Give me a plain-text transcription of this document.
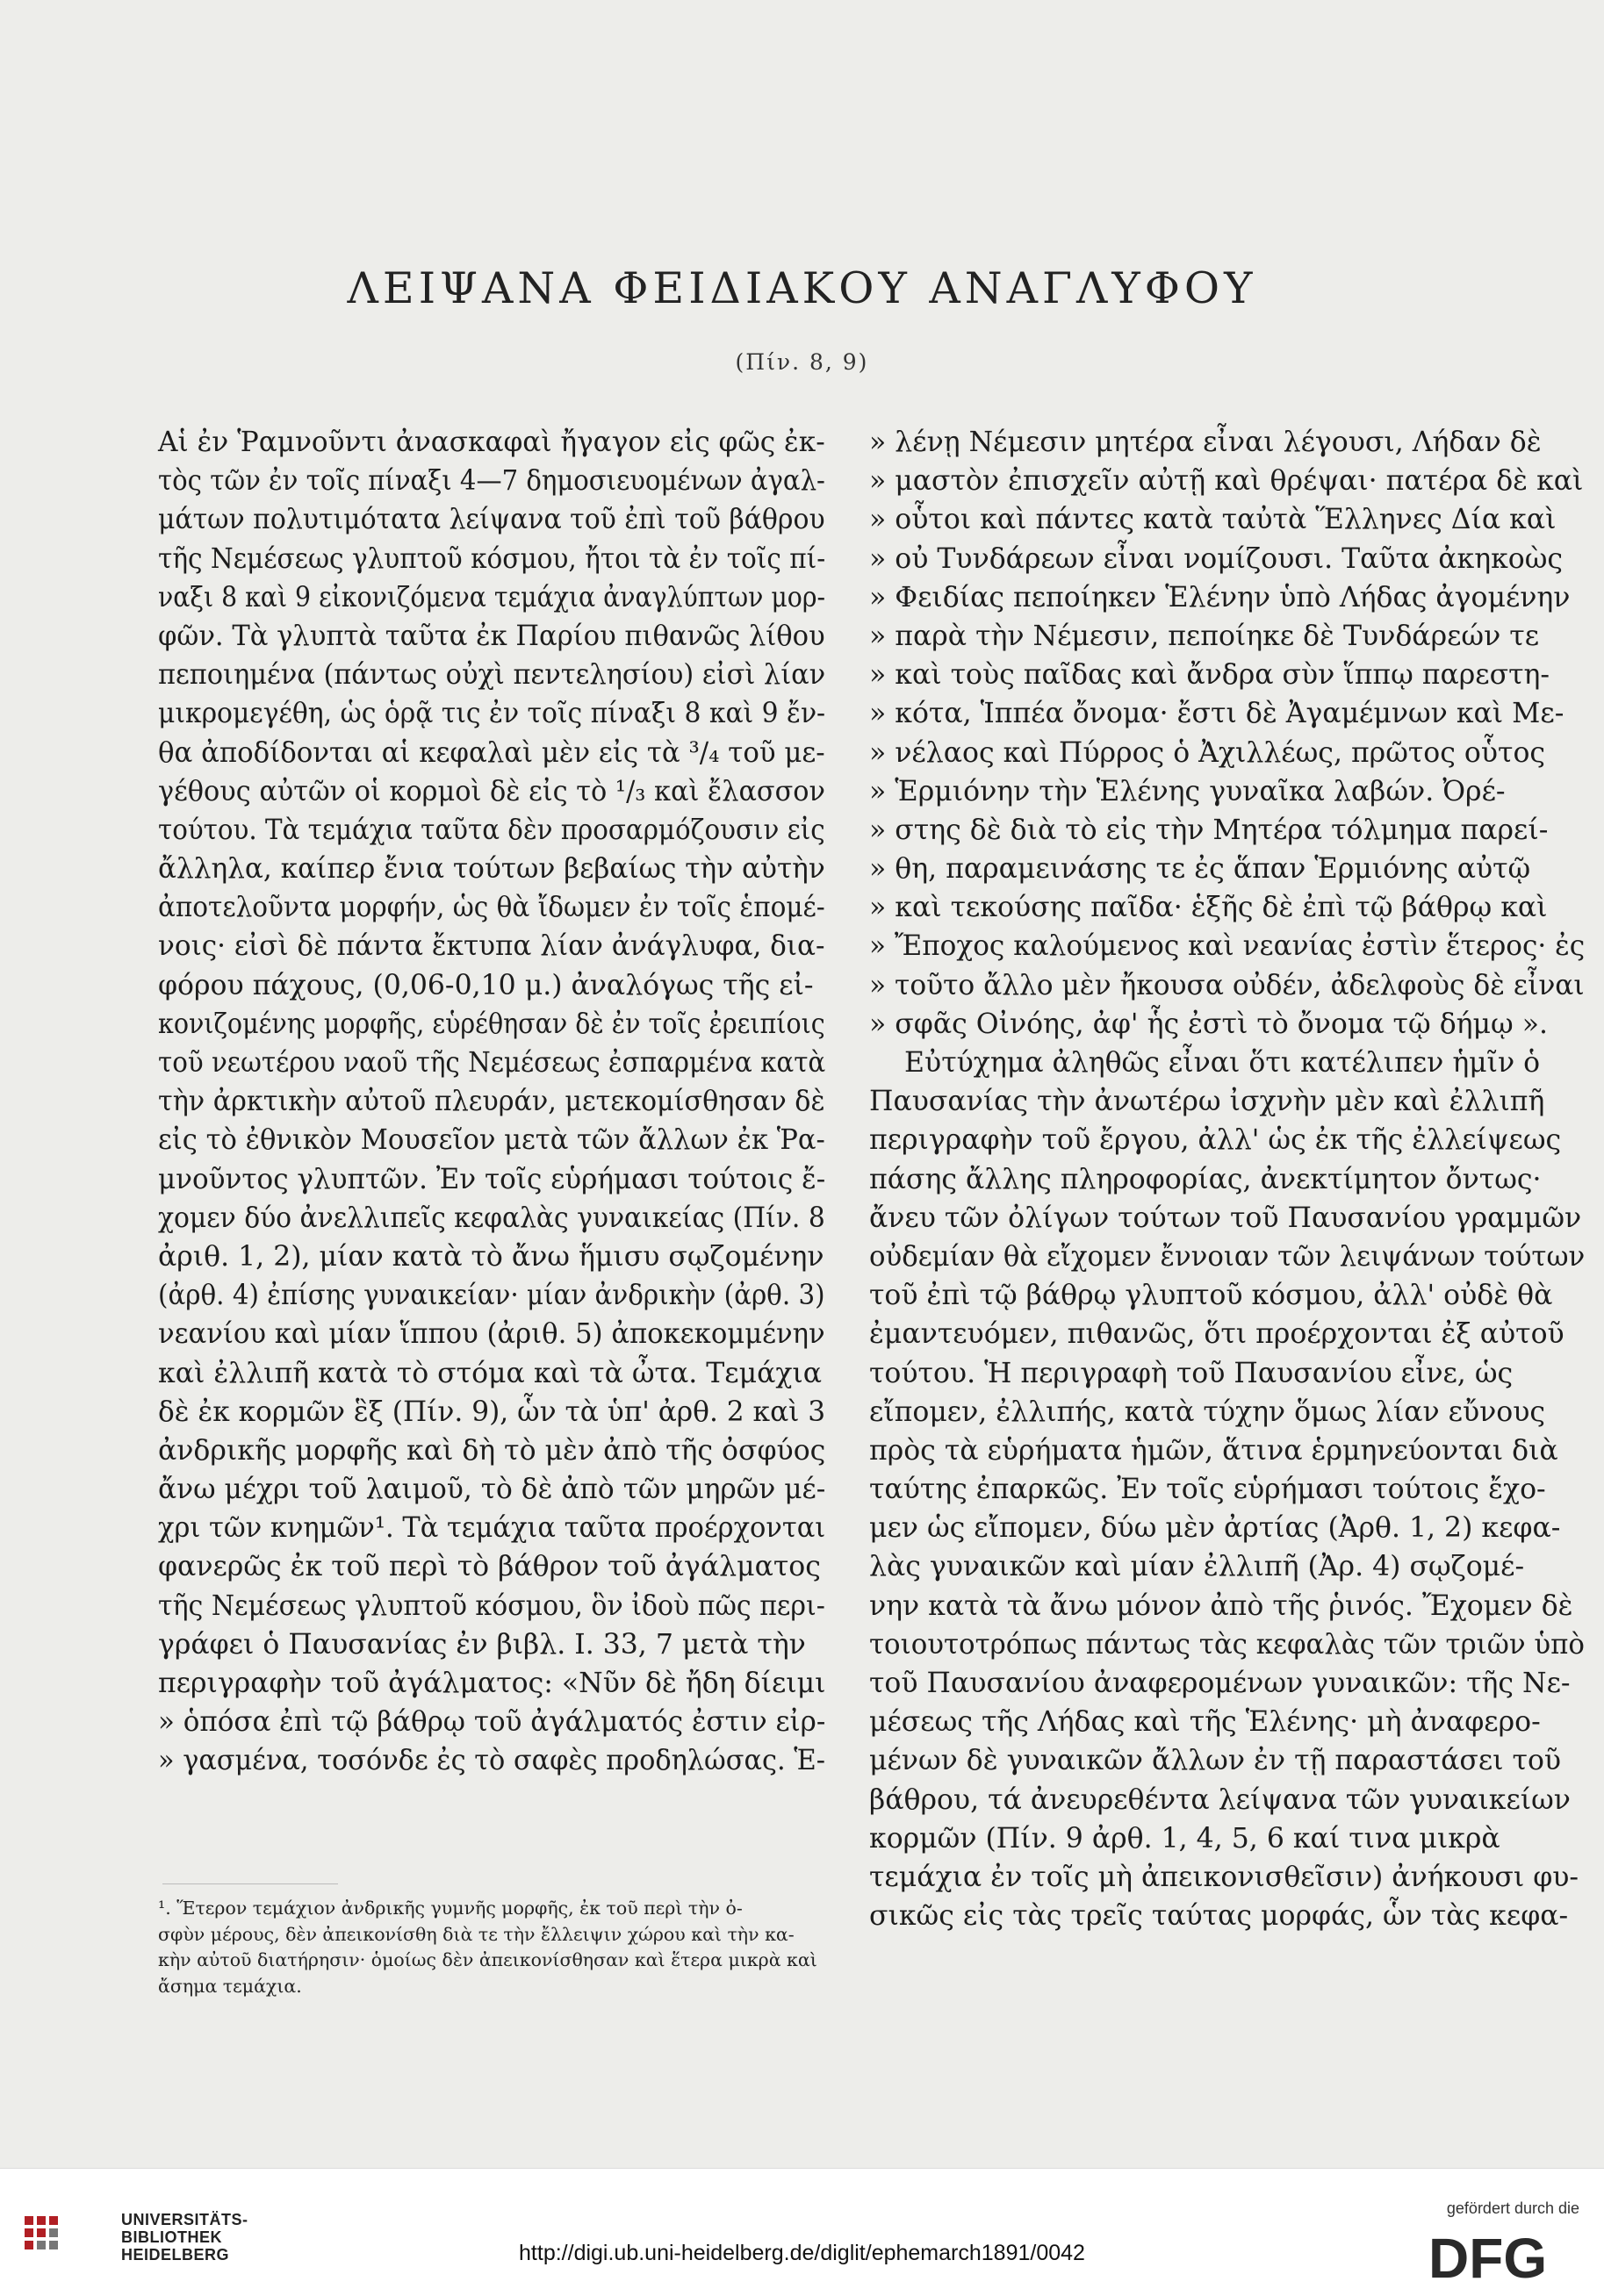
ΛΕΙΨΑΝΑ ΦΕΙΔΙΑΚΟΥ ΑΝΑΓΛΥΦΟΥ
(Πίν. 8, 9)
Αἱ ἐν Ῥαμνοῦντι ἀνασκαφαὶ ἤγαγον εἰς φῶς ἐκ-
τὸς τῶν ἐν τοῖς πίναξι 4—7 δημοσιευομένων ἀγαλ-
μάτων πολυτιμότατα λείψανα τοῦ ἐπὶ τοῦ βάθρου
τῆς Νεμέσεως γλυπτοῦ κόσμου, ἤτοι τὰ ἐν τοῖς πί-
ναξι 8 καὶ 9 εἰκονιζόμενα τεμάχια ἀναγλύπτων μορ-
φῶν. Τὰ γλυπτὰ ταῦτα ἐκ Παρίου πιθανῶς λίθου
πεποιημένα (πάντως οὐχὶ πεντελησίου) εἰσὶ λίαν
μικρομεγέθη, ὡς ὁρᾷ τις ἐν τοῖς πίναξι 8 καὶ 9 ἔν-
θα ἀποδίδονται αἱ κεφαλαὶ μὲν εἰς τὰ ³/₄ τοῦ με-
γέθους αὐτῶν οἱ κορμοὶ δὲ εἰς τὸ ¹/₃ καὶ ἔλασσον
τούτου. Τὰ τεμάχια ταῦτα δὲν προσαρμόζουσιν εἰς
ἄλληλα, καίπερ ἔνια τούτων βεβαίως τὴν αὐτὴν
ἀποτελοῦντα μορφήν, ὡς θὰ ἴδωμεν ἐν τοῖς ἑπομέ-
νοις· εἰσὶ δὲ πάντα ἔκτυπα λίαν ἀνάγλυφα, δια-
φόρου πάχους, (0,06-0,10 μ.) ἀναλόγως τῆς εἰ-
κονιζομένης μορφῆς, εὑρέθησαν δὲ ἐν τοῖς ἐρειπίοις
τοῦ νεωτέρου ναοῦ τῆς Νεμέσεως ἐσπαρμένα κατὰ
τὴν ἀρκτικὴν αὐτοῦ πλευράν, μετεκομίσθησαν δὲ
εἰς τὸ ἐθνικὸν Μουσεῖον μετὰ τῶν ἄλλων ἐκ Ῥα-
μνοῦντος γλυπτῶν. Ἐν τοῖς εὑρήμασι τούτοις ἔ-
χομεν δύο ἀνελλιπεῖς κεφαλὰς γυναικείας (Πίν. 8
ἀριθ. 1, 2), μίαν κατὰ τὸ ἄνω ἥμισυ σῳζομένην
(ἀρθ. 4) ἐπίσης γυναικείαν· μίαν ἀνδρικὴν (ἀρθ. 3)
νεανίου καὶ μίαν ἵππου (ἀριθ. 5) ἀποκεκομμένην
καὶ ἐλλιπῆ κατὰ τὸ στόμα καὶ τὰ ὦτα. Τεμάχια
δὲ ἐκ κορμῶν ἓξ (Πίν. 9), ὧν τὰ ὑπ' ἀρθ. 2 καὶ 3
ἀνδρικῆς μορφῆς καὶ δὴ τὸ μὲν ἀπὸ τῆς ὀσφύος
ἄνω μέχρι τοῦ λαιμοῦ, τὸ δὲ ἀπὸ τῶν μηρῶν μέ-
χρι τῶν κνημῶν¹. Τὰ τεμάχια ταῦτα προέρχονται
φανερῶς ἐκ τοῦ περὶ τὸ βάθρον τοῦ ἀγάλματος
τῆς Νεμέσεως γλυπτοῦ κόσμου, ὃν ἰδοὺ πῶς περι-
γράφει ὁ Παυσανίας ἐν βιβλ. Ι. 33, 7 μετὰ τὴν
περιγραφὴν τοῦ ἀγάλματος: «Νῦν δὲ ἤδη δίειμι
» ὁπόσα ἐπὶ τῷ βάθρῳ τοῦ ἀγάλματός ἐστιν εἰρ-
» γασμένα, τοσόνδε ἐς τὸ σαφὲς προδηλώσας. Ἑ-
» λένῃ Νέμεσιν μητέρα εἶναι λέγουσι, Λήδαν δὲ
» μαστὸν ἐπισχεῖν αὐτῇ καὶ θρέψαι· πατέρα δὲ καὶ
» οὗτοι καὶ πάντες κατὰ ταὐτὰ Ἕλληνες Δία καὶ
» οὐ Τυνδάρεων εἶναι νομίζουσι. Ταῦτα ἀκηκοὼς
» Φειδίας πεποίηκεν Ἑλένην ὑπὸ Λήδας ἀγομένην
» παρὰ τὴν Νέμεσιν, πεποίηκε δὲ Τυνδάρεών τε
» καὶ τοὺς παῖδας καὶ ἄνδρα σὺν ἵππῳ παρεστη-
» κότα, Ἱππέα ὄνομα· ἔστι δὲ Ἀγαμέμνων καὶ Με-
» νέλαος καὶ Πύρρος ὁ Ἀχιλλέως, πρῶτος οὗτος
» Ἑρμιόνην τὴν Ἑλένης γυναῖκα λαβών. Ὀρέ-
» στης δὲ διὰ τὸ εἰς τὴν Μητέρα τόλμημα παρεί-
» θη, παραμεινάσης τε ἐς ἅπαν Ἑρμιόνης αὐτῷ
» καὶ τεκούσης παῖδα· ἑξῆς δὲ ἐπὶ τῷ βάθρῳ καὶ
» Ἔποχος καλούμενος καὶ νεανίας ἐστὶν ἕτερος· ἐς
» τοῦτο ἄλλο μὲν ἤκουσα οὐδέν, ἀδελφοὺς δὲ εἶναι
» σφᾶς Οἰνόης, ἀφ' ἧς ἐστὶ τὸ ὄνομα τῷ δήμῳ ».
Εὐτύχημα ἀληθῶς εἶναι ὅτι κατέλιπεν ἡμῖν ὁ
Παυσανίας τὴν ἀνωτέρω ἰσχνὴν μὲν καὶ ἐλλιπῆ
περιγραφὴν τοῦ ἔργου, ἀλλ' ὡς ἐκ τῆς ἐλλείψεως
πάσης ἄλλης πληροφορίας, ἀνεκτίμητον ὄντως·
ἄνευ τῶν ὀλίγων τούτων τοῦ Παυσανίου γραμμῶν
οὐδεμίαν θὰ εἴχομεν ἔννοιαν τῶν λειψάνων τούτων
τοῦ ἐπὶ τῷ βάθρῳ γλυπτοῦ κόσμου, ἀλλ' οὐδὲ θὰ
ἐμαντευόμεν, πιθανῶς, ὅτι προέρχονται ἐξ αὐτοῦ
τούτου. Ἡ περιγραφὴ τοῦ Παυσανίου εἶνε, ὡς
εἴπομεν, ἐλλιπής, κατὰ τύχην ὅμως λίαν εὔνους
πρὸς τὰ εὑρήματα ἡμῶν, ἅτινα ἑρμηνεύονται διὰ
ταύτης ἐπαρκῶς. Ἐν τοῖς εὑρήμασι τούτοις ἔχο-
μεν ὡς εἴπομεν, δύω μὲν ἀρτίας (Ἀρθ. 1, 2) κεφα-
λὰς γυναικῶν καὶ μίαν ἐλλιπῆ (Ἀρ. 4) σῳζομέ-
νην κατὰ τὰ ἄνω μόνον ἀπὸ τῆς ῥινός. Ἔχομεν δὲ
τοιουτοτρόπως πάντως τὰς κεφαλὰς τῶν τριῶν ὑπὸ
τοῦ Παυσανίου ἀναφερομένων γυναικῶν: τῆς Νε-
μέσεως τῆς Λήδας καὶ τῆς Ἑλένης· μὴ ἀναφερο-
μένων δὲ γυναικῶν ἄλλων ἐν τῇ παραστάσει τοῦ
βάθρου, τά ἀνευρεθέντα λείψανα τῶν γυναικείων
κορμῶν (Πίν. 9 ἀρθ. 1, 4, 5, 6 καί τινα μικρὰ
τεμάχια ἐν τοῖς μὴ ἀπεικονισθεῖσιν) ἀνήκουσι φυ-
σικῶς εἰς τὰς τρεῖς ταύτας μορφάς, ὧν τὰς κεφα-
¹. Ἕτερον τεμάχιον ἀνδρικῆς γυμνῆς μορφῆς, ἐκ τοῦ περὶ τὴν ὀ-
σφὺν μέρους, δὲν ἀπεικονίσθη διὰ τε τὴν ἔλλειψιν χώρου καὶ τὴν κα-
κὴν αὐτοῦ διατήρησιν· ὁμοίως δὲν ἀπεικονίσθησαν καὶ ἕτερα μικρὰ καὶ
ἄσημα τεμάχια.
UNIVERSITÄTS-
BIBLIOTHEK
HEIDELBERG	http://digi.ub.uni-heidelberg.de/diglit/ephemarch1891/0042
gefördert durch die
DFG
